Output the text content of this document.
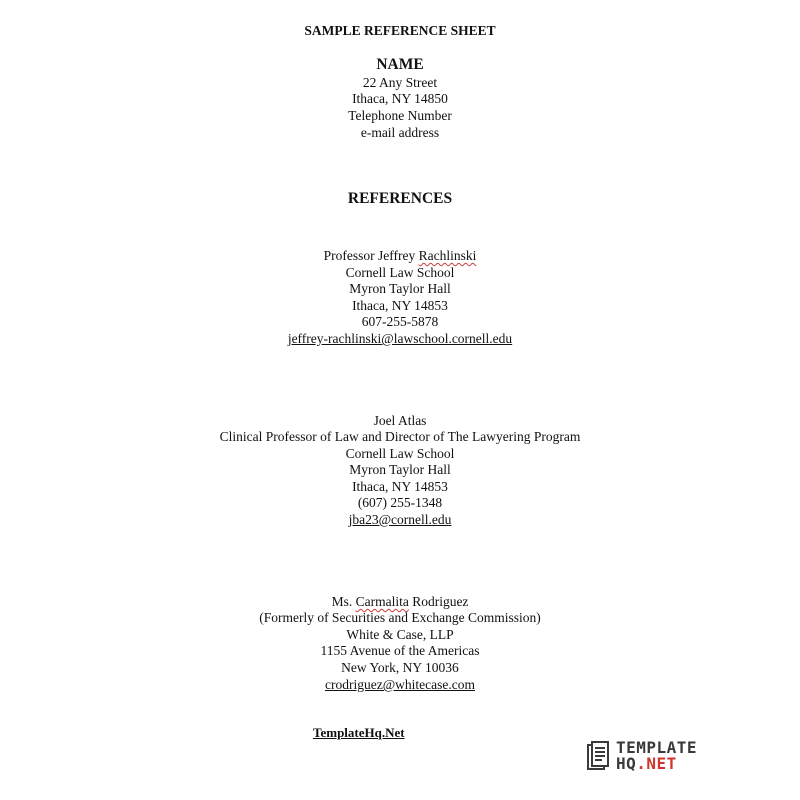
SAMPLE REFERENCE SHEET
NAME
22 Any Street
Ithaca, NY 14850
Telephone Number
e-mail address
REFERENCES
Professor Jeffrey Rachlinski
Cornell Law School
Myron Taylor Hall
Ithaca, NY 14853
607-255-5878
jeffrey-rachlinski@lawschool.cornell.edu
Joel Atlas
Clinical Professor of Law and Director of The Lawyering Program
Cornell Law School
Myron Taylor Hall
Ithaca, NY 14853
(607) 255-1348
jba23@cornell.edu
Ms. Carmalita Rodriguez
(Formerly of Securities and Exchange Commission)
White & Case, LLP
1155 Avenue of the Americas
New York, NY 10036
crodriguez@whitecase.com
TemplateHq.Net
TEMPLATE
HQ.NET
